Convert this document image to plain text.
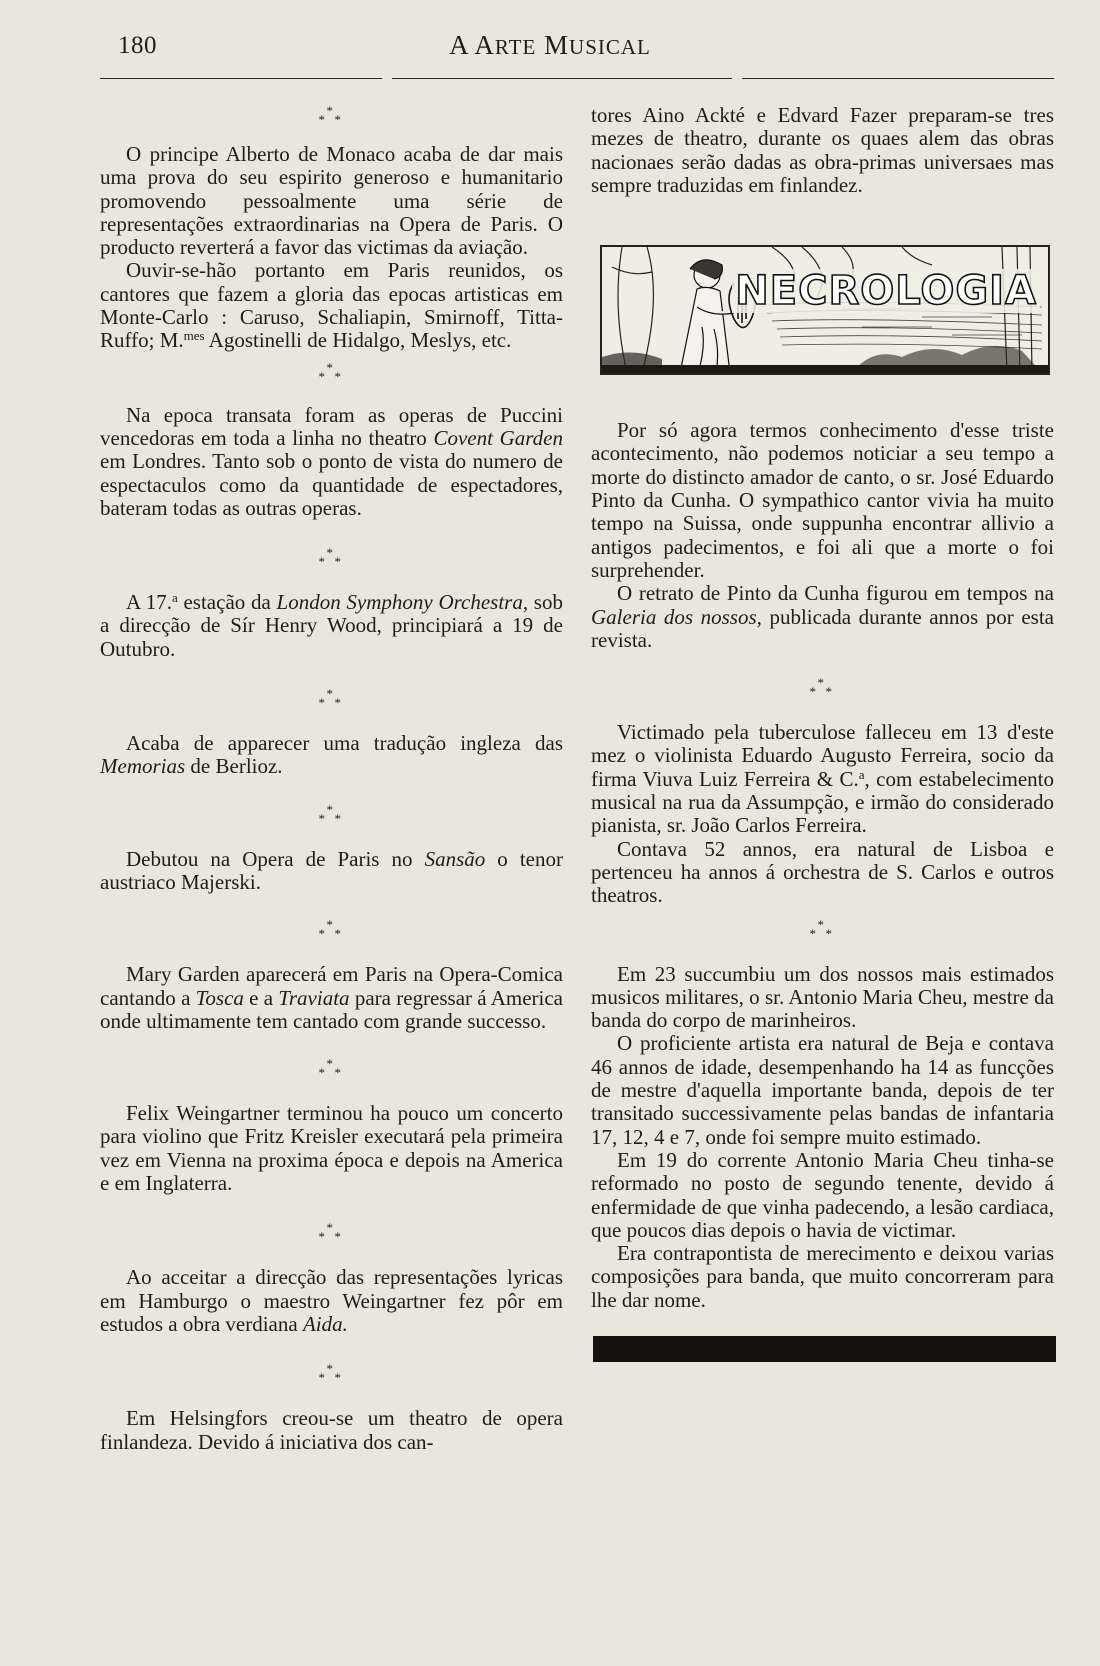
180	A ARTE MUSICAL
*
* *

O principe Alberto de Monaco acaba de dar mais uma prova do seu espirito generoso e humanitario promovendo pessoalmente uma série de representações extraordinarias na Opera de Paris. O producto reverterá a favor das victimas da aviação.

Ouvir-se-hão portanto em Paris reunidos, os cantores que fazem a gloria das epocas artisticas em Monte-Carlo : Caruso, Schaliapin, Smirnoff, Titta-Ruffo; M.$^{mes}$ Agostinelli de Hidalgo, Meslys, etc.

*
* *

Na epoca transata foram as operas de Puccini vencedoras em toda a linha no theatro Covent Garden em Londres. Tanto sob o ponto de vista do numero de espectaculos como da quantidade de espectadores, bateram todas as outras operas.

*
* *

A 17.$^a$ estação da London Symphony Orchestra, sob a direcção de Sír Henry Wood, principiará a 19 de Outubro.

*
* *

Acaba de apparecer uma tradução ingleza das Memorias de Berlioz.

*
* *

Debutou na Opera de Paris no Sansão o tenor austriaco Majerski.

*
* *

Mary Garden aparecerá em Paris na Opera-Comica cantando a Tosca e a Traviata para regressar á America onde ultimamente tem cantado com grande successo.

*
* *

Felix Weingartner terminou ha pouco um concerto para violino que Fritz Kreisler executará pela primeira vez em Vienna na proxima época e depois na America e em Inglaterra.

*
* *

Ao acceitar a direcção das representações lyricas em Hamburgo o maestro Weingartner fez pôr em estudos a obra verdiana Aida.

*
* *

Em Helsingfors creou-se um theatro de opera finlandeza. Devido á iniciativa dos can-

tores Aino Ackté e Edvard Fazer preparam-se tres mezes de theatro, durante os quaes alem das obras nacionaes serão dadas as obra-primas universaes mas sempre traduzidas em finlandez.

NECROLOGIA

Por só agora termos conhecimento d'esse triste acontecimento, não podemos noticiar a seu tempo a morte do distincto amador de canto, o sr. José Eduardo Pinto da Cunha. O sympathico cantor vivia ha muito tempo na Suissa, onde suppunha encontrar allivio a antigos padecimentos, e foi ali que a morte o foi surprehender.

O retrato de Pinto da Cunha figurou em tempos na Galeria dos nossos, publicada durante annos por esta revista.

*
* *

Victimado pela tuberculose falleceu em 13 d'este mez o violinista Eduardo Augusto Ferreira, socio da firma Viuva Luiz Ferreira & C.$^a$, com estabelecimento musical na rua da Assumpção, e irmão do considerado pianista, sr. João Carlos Ferreira.

Contava 52 annos, era natural de Lisboa e pertenceu ha annos á orchestra de S. Carlos e outros theatros.

*
* *

Em 23 succumbiu um dos nossos mais estimados musicos militares, o sr. Antonio Maria Cheu, mestre da banda do corpo de marinheiros.

O proficiente artista era natural de Beja e contava 46 annos de idade, desempenhando ha 14 as funcções de mestre d'aquella importante banda, depois de ter transitado successivamente pelas bandas de infantaria 17, 12, 4 e 7, onde foi sempre muito estimado.

Em 19 do corrente Antonio Maria Cheu tinha-se reformado no posto de segundo tenente, devido á enfermidade de que vinha padecendo, a lesão cardiaca, que poucos dias depois o havia de victimar.

Era contrapontista de merecimento e deixou varias composições para banda, que muito concorreram para lhe dar nome.
